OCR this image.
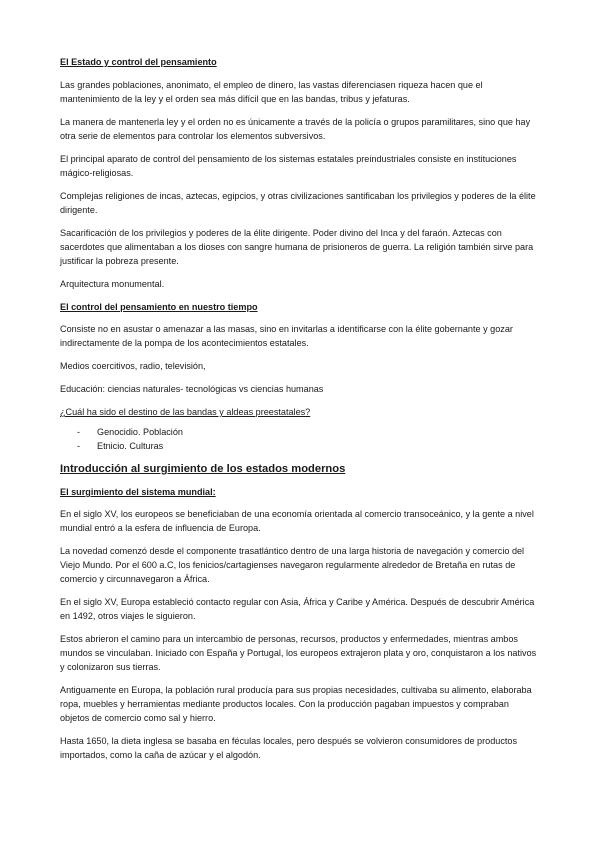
El Estado y control del pensamiento
Las grandes poblaciones, anonimato, el empleo de dinero, las vastas diferenciasen riqueza hacen que el mantenimiento de la ley y el orden sea más difícil que en las bandas, tribus y jefaturas.
La manera de mantenerla ley y el orden no es únicamente a través de la policía o grupos paramilitares, sino que hay otra serie de elementos para controlar los elementos subversivos.
El principal aparato de control del pensamiento de los sistemas estatales preindustriales consiste en instituciones mágico-religiosas.
Complejas religiones de incas, aztecas, egipcios, y otras civilizaciones santificaban los privilegios y poderes de la élite dirigente.
Sacarificación de los privilegios y poderes de la élite dirigente. Poder divino del Inca y del faraón. Aztecas con sacerdotes que alimentaban a los dioses con sangre humana de prisioneros de guerra. La religión también sirve para justificar la pobreza presente.
Arquitectura monumental.
El control del pensamiento en nuestro tiempo
Consiste no en asustar o amenazar a las masas, sino en invitarlas a identificarse con la élite gobernante y gozar indirectamente de la pompa de los acontecimientos estatales.
Medios coercitivos, radio, televisión,
Educación: ciencias naturales- tecnológicas vs ciencias humanas
¿Cuál ha sido el destino de las bandas y aldeas preestatales?
- Genocidio. Población
- Etnicio. Culturas
Introducción al surgimiento de los estados modernos
El surgimiento del sistema mundial:
En el siglo XV, los europeos se beneficiaban de una economía orientada al comercio transoceánico, y la gente a nivel mundial entró a la esfera de influencia de Europa.
La novedad comenzó desde el componente trasatlántico dentro de una larga historia de navegación y comercio del Viejo Mundo. Por el 600 a.C, los fenicios/cartagienses navegaron regularmente alrededor de Bretaña en rutas de comercio y circunnavegaron a África.
En el siglo XV, Europa estableció contacto regular con Asia, África y Caribe y América. Después de descubrir América en 1492, otros viajes le siguieron.
Estos abrieron el camino para un intercambio de personas, recursos, productos y enfermedades, mientras ambos mundos se vinculaban. Iniciado con España y Portugal, los europeos extrajeron plata y oro, conquistaron a los nativos y colonizaron sus tierras.
Antiguamente en Europa, la población rural producía para sus propias necesidades, cultivaba su alimento, elaboraba ropa, muebles y herramientas mediante productos locales. Con la producción pagaban impuestos y compraban objetos de comercio como sal y hierro.
Hasta 1650, la dieta inglesa se basaba en féculas locales, pero después se volvieron consumidores de productos importados, como la caña de azúcar y el algodón.
